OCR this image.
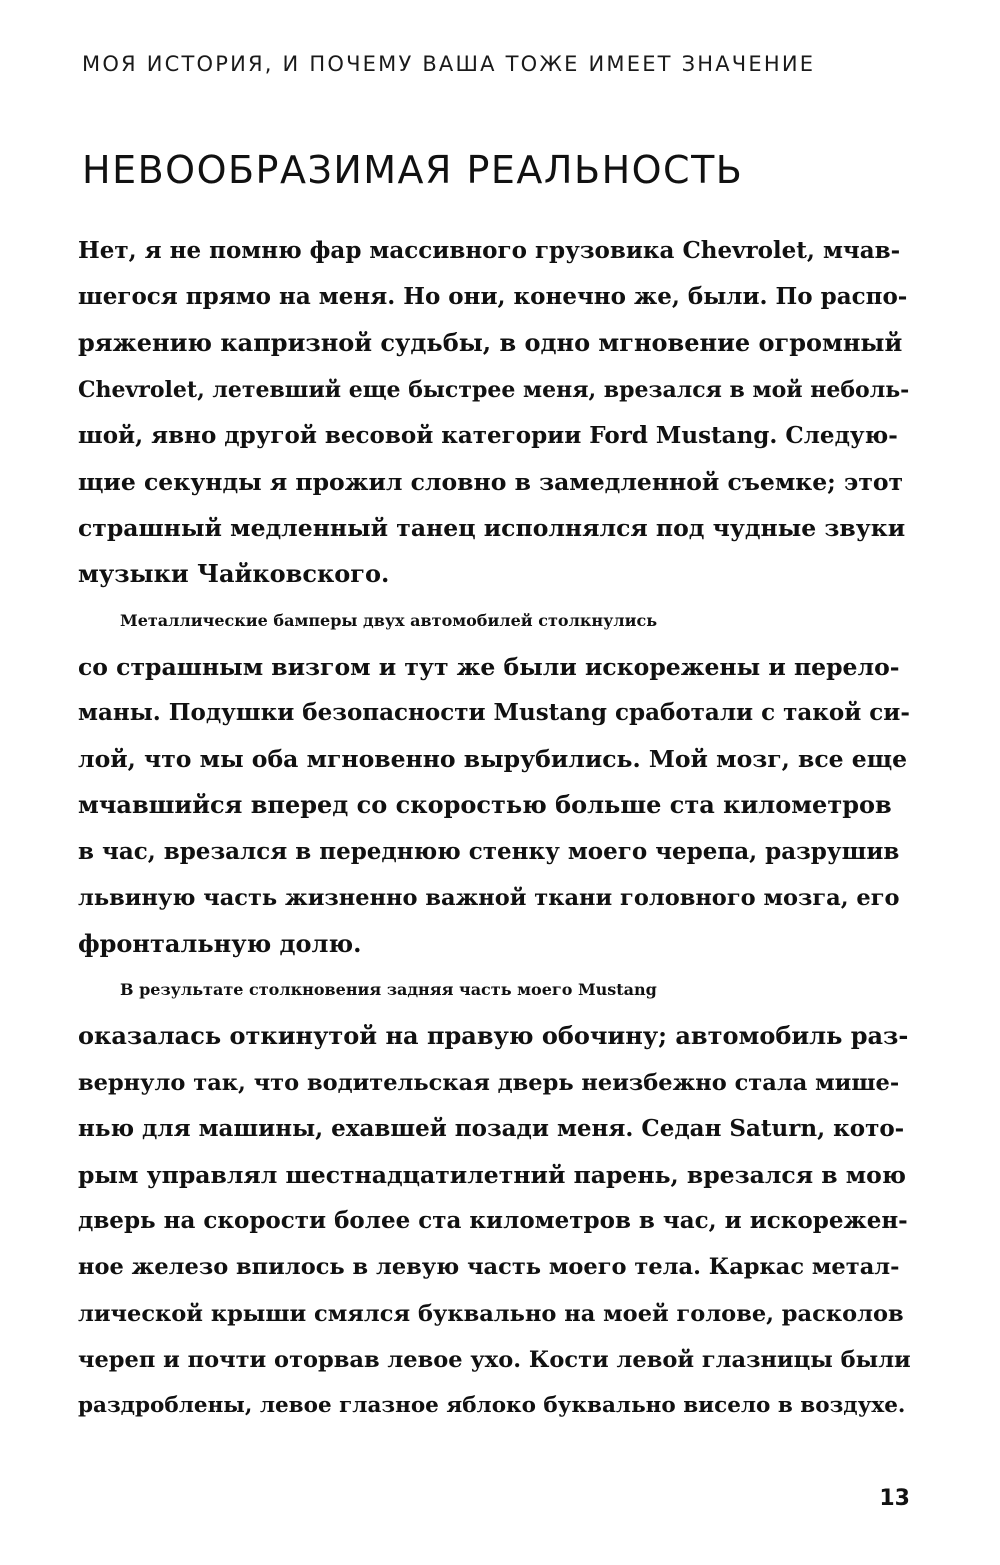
МОЯ ИСТОРИЯ, И ПОЧЕМУ ВАША ТОЖЕ ИМЕЕТ ЗНАЧЕНИЕ
НЕВООБРАЗИМАЯ РЕАЛЬНОСТЬ

Нет, я не помню фар массивного грузовика Chevrolet, мчав-
шегося прямо на меня. Но они, конечно же, были. По распо-
ряжению капризной судьбы, в одно мгновение огромный
Chevrolet, летевший еще быстрее меня, врезался в мой неболь-
шой, явно другой весовой категории Ford Mustang. Следую-
щие секунды я прожил словно в замедленной съемке; этот
страшный медленный танец исполнялся под чудные звуки
музыки Чайковского.

Металлические бамперы двух автомобилей столкнулись
со страшным визгом и тут же были искорежены и перело-
маны. Подушки безопасности Mustang сработали с такой си-
лой, что мы оба мгновенно вырубились. Мой мозг, все еще
мчавшийся вперед со скоростью больше ста километров
в час, врезался в переднюю стенку моего черепа, разрушив
львиную часть жизненно важной ткани головного мозга, его
фронтальную долю.

В результате столкновения задняя часть моего Mustang
оказалась откинутой на правую обочину; автомобиль раз-
вернуло так, что водительская дверь неизбежно стала мише-
нью для машины, ехавшей позади меня. Седан Saturn, кото-
рым управлял шестнадцатилетний парень, врезался в мою
дверь на скорости более ста километров в час, и искорежен-
ное железо впилось в левую часть моего тела. Каркас метал-
лической крыши смялся буквально на моей голове, расколов
череп и почти оторвав левое ухо. Кости левой глазницы были
раздроблены, левое глазное яблоко буквально висело в воздухе.

13
